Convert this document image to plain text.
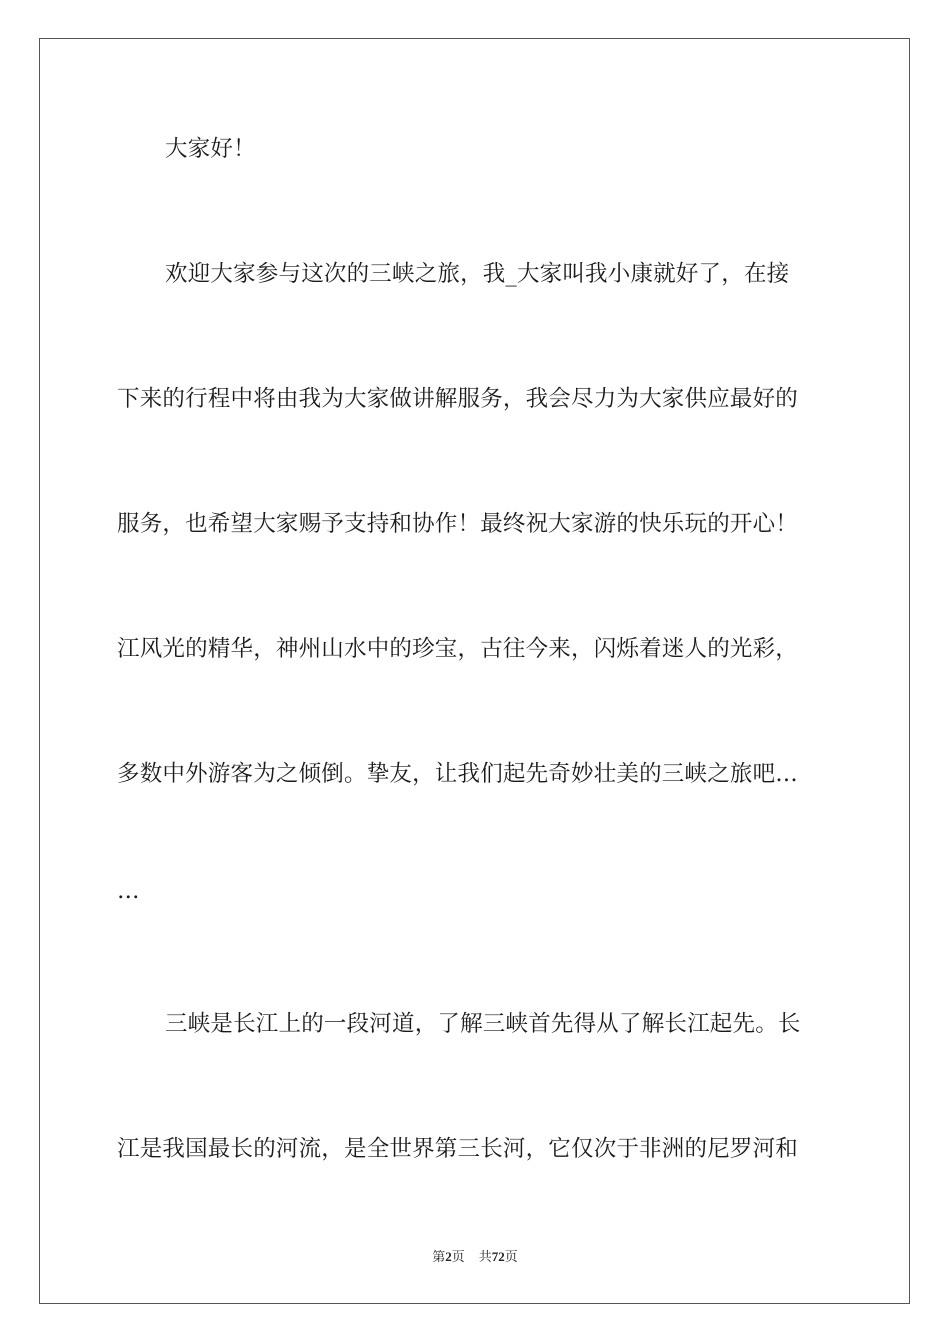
大家好！
欢迎大家参与这次的三峡之旅，我_大家叫我小康就好了，在接
下来的行程中将由我为大家做讲解服务，我会尽力为大家供应最好的
服务，也希望大家赐予支持和协作！最终祝大家游的快乐玩的开心！
江风光的精华，神州山水中的珍宝，古往今来，闪烁着迷人的光彩，
多数中外游客为之倾倒。挚友，让我们起先奇妙壮美的三峡之旅吧…
…
三峡是长江上的一段河道，了解三峡首先得从了解长江起先。长
江是我国最长的河流，是全世界第三长河，它仅次于非洲的尼罗河和
第2页 共72页
